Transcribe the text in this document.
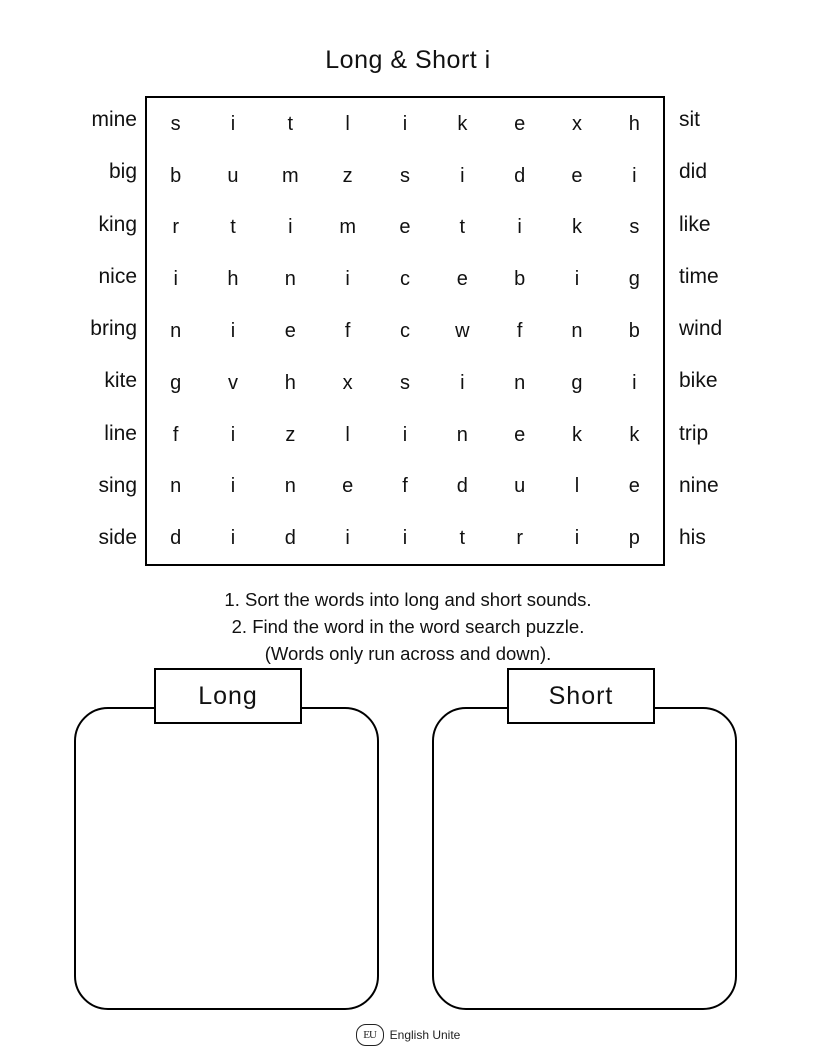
Long & Short i
mine
big
king
nice
bring
kite
line
sing
side
s	i	t	l	i	k e x h
b u m z s	i d e i
r	t	i m e t	i	k s
i h n i	c e b i g
n i e f c w f n b
g v h x s	i n g i
f	i	z	l	i n e k k
n i n e f d u l e
d i d i	i	t	r	i p
sit
did
like
time
wind
bike
trip
nine
his
1. Sort the words into long and short sounds.
2. Find the word in the word search puzzle.
(Words only run across and down).
Long	Short
EU	English Unite
